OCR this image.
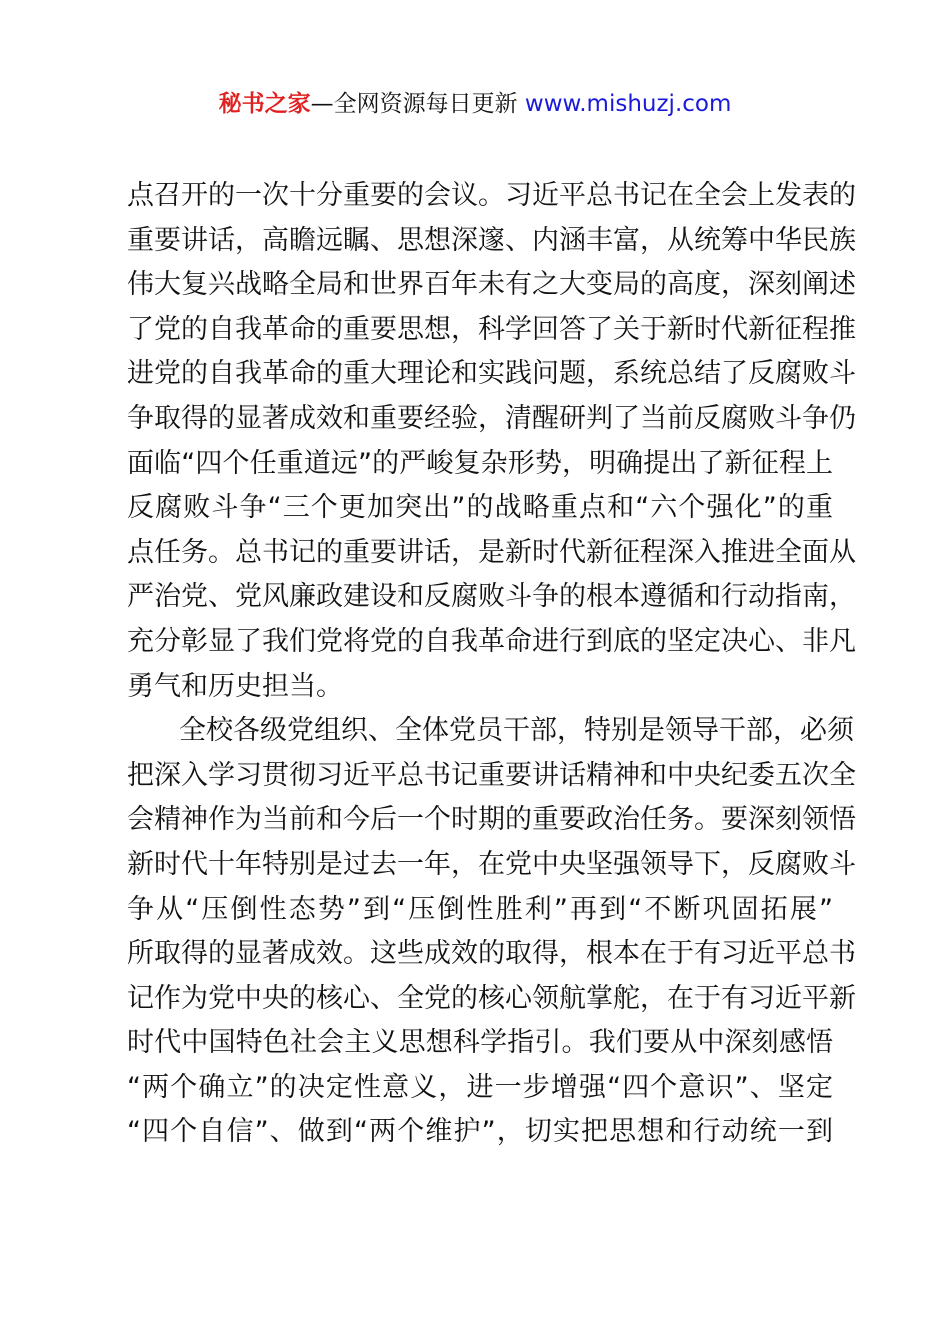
秘书之家—全网资源每日更新 www.mishuzj.com
点召开的一次十分重要的会议。习近平总书记在全会上发表的
重要讲话，高瞻远瞩、思想深邃、内涵丰富，从统筹中华民族
伟大复兴战略全局和世界百年未有之大变局的高度，深刻阐述
了党的自我革命的重要思想，科学回答了关于新时代新征程推
进党的自我革命的重大理论和实践问题，系统总结了反腐败斗
争取得的显著成效和重要经验，清醒研判了当前反腐败斗争仍
面临“四个任重道远”的严峻复杂形势，明确提出了新征程上
反腐败斗争“三个更加突出”的战略重点和“六个强化”的重
点任务。总书记的重要讲话，是新时代新征程深入推进全面从
严治党、党风廉政建设和反腐败斗争的根本遵循和行动指南，
充分彰显了我们党将党的自我革命进行到底的坚定决心、非凡
勇气和历史担当。
全校各级党组织、全体党员干部，特别是领导干部，必须
把深入学习贯彻习近平总书记重要讲话精神和中央纪委五次全
会精神作为当前和今后一个时期的重要政治任务。要深刻领悟
新时代十年特别是过去一年，在党中央坚强领导下，反腐败斗
争从“压倒性态势”到“压倒性胜利”再到“不断巩固拓展”
所取得的显著成效。这些成效的取得，根本在于有习近平总书
记作为党中央的核心、全党的核心领航掌舵，在于有习近平新
时代中国特色社会主义思想科学指引。我们要从中深刻感悟
“两个确立”的决定性意义，进一步增强“四个意识”、坚定
“四个自信”、做到“两个维护”，切实把思想和行动统一到
